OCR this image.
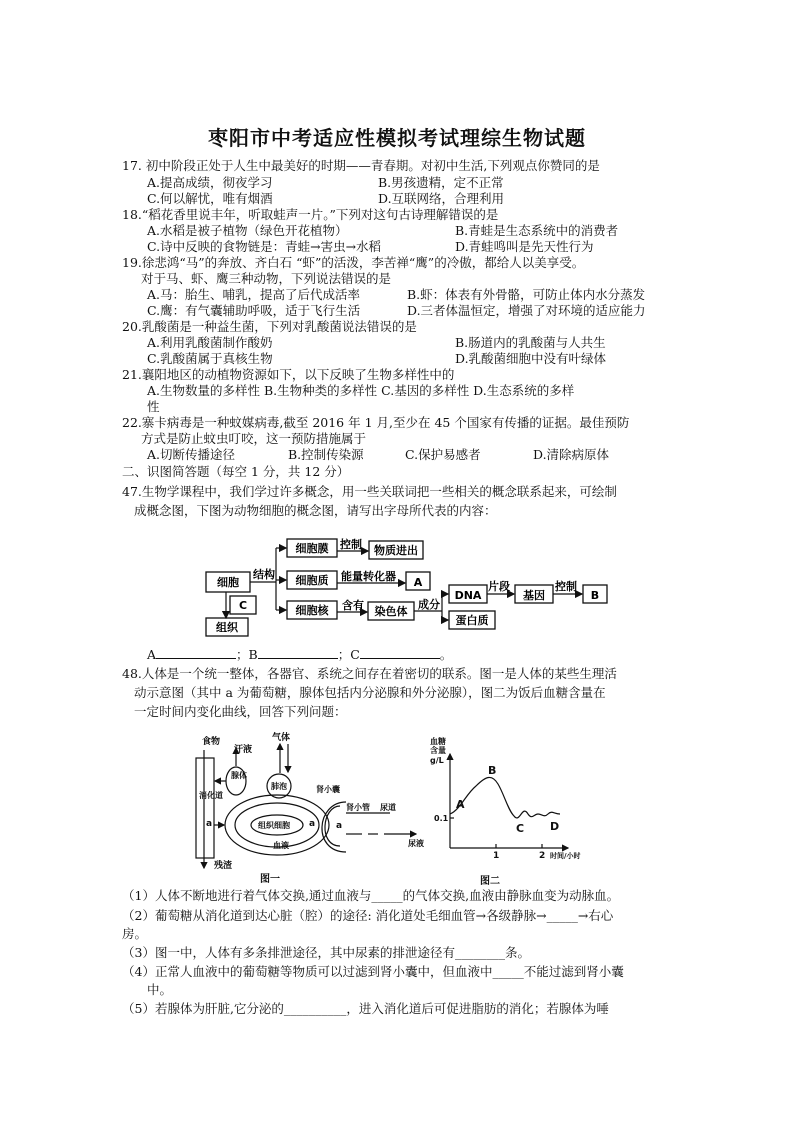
枣阳市中考适应性模拟考试理综生物试题
17. 初中阶段正处于人生中最美好的时期——青春期。对初中生活,下列观点你赞同的是
A.提高成绩，彻夜学习	B.男孩遗精，定不正常
C.何以解忧，唯有烟酒	D.互联网络，合理利用
18.“稻花香里说丰年，听取蛙声一片。”下列对这句古诗理解错误的是
A.水稻是被子植物（绿色开花植物）	B.青蛙是生态系统中的消费者
C.诗中反映的食物链是：青蛙→害虫→水稻	D.青蛙鸣叫是先天性行为
19.徐悲鸿“马”的奔放、齐白石 “虾”的活泼，李苦禅“鹰”的冷傲，都给人以美享受。
对于马、虾、鹰三种动物，下列说法错误的是
A.马：胎生、哺乳，提高了后代成活率	B.虾：体表有外骨骼，可防止体内水分蒸发
C.鹰：有气囊辅助呼吸，适于飞行生活	D.三者体温恒定，增强了对环境的适应能力
20.乳酸菌是一种益生菌，下列对乳酸菌说法错误的是
A.利用乳酸菌制作酸奶	B.肠道内的乳酸菌与人共生
C.乳酸菌属于真核生物	D.乳酸菌细胞中没有叶绿体
21.襄阳地区的动植物资源如下，以下反映了生物多样性中的
A.生物数量的多样性 B.生物种类的多样性 C.基因的多样性 D.生态系统的多样
性
22.寨卡病毒是一种蚊媒病毒,截至 2016 年 1 月,至少在 45 个国家有传播的证据。最佳预防
方式是防止蚊虫叮咬，这一预防措施属于
A.切断传播途径	B.控制传染源	C.保护易感者	D.清除病原体
二、识图简答题（每空 1 分，共 12 分）
47.生物学课程中，我们学过许多概念，用一些关联词把一些相关的概念联系起来，可绘制
成概念图，下图为动物细胞的概念图，请写出字母所代表的内容：
细胞
C
组织
结构
细胞膜 控制 物质进出
细胞质 能量转化器 A
细胞核 含有 染色体
成分
DNA
蛋白质
片段
基因
控制
B
A	；B	；C	。
48.人体是一个统一整体，各器官、系统之间存在着密切的联系。图一是人体的某些生理活
动示意图（其中 a 为葡萄糖，腺体包括内分泌腺和外分泌腺），图二为饭后血糖含量在
一定时间内变化曲线，回答下列问题：
食物
汗液
气体
腺体
肺泡
消化道
a	组织细胞 a
血液
肾小囊
肾小管 尿道
a
尿液
残渣
图一
血糖
含量
g/L
0.1
1	2 时间/小时
A
B
C D
图二
（1）人体不断地进行着气体交换,通过血液与_____的气体交换,血液由静脉血变为动脉血。
（2）葡萄糖从消化道到达心脏（腔）的途径: 消化道处毛细血管→各级静脉→_____→右心
房。
（3）图一中，人体有多条排泄途径，其中尿素的排泄途径有________条。
（4）正常人血液中的葡萄糖等物质可以过滤到肾小囊中，但血液中_____不能过滤到肾小囊
中。
（5）若腺体为肝脏,它分泌的__________，进入消化道后可促进脂肪的消化；若腺体为唾
